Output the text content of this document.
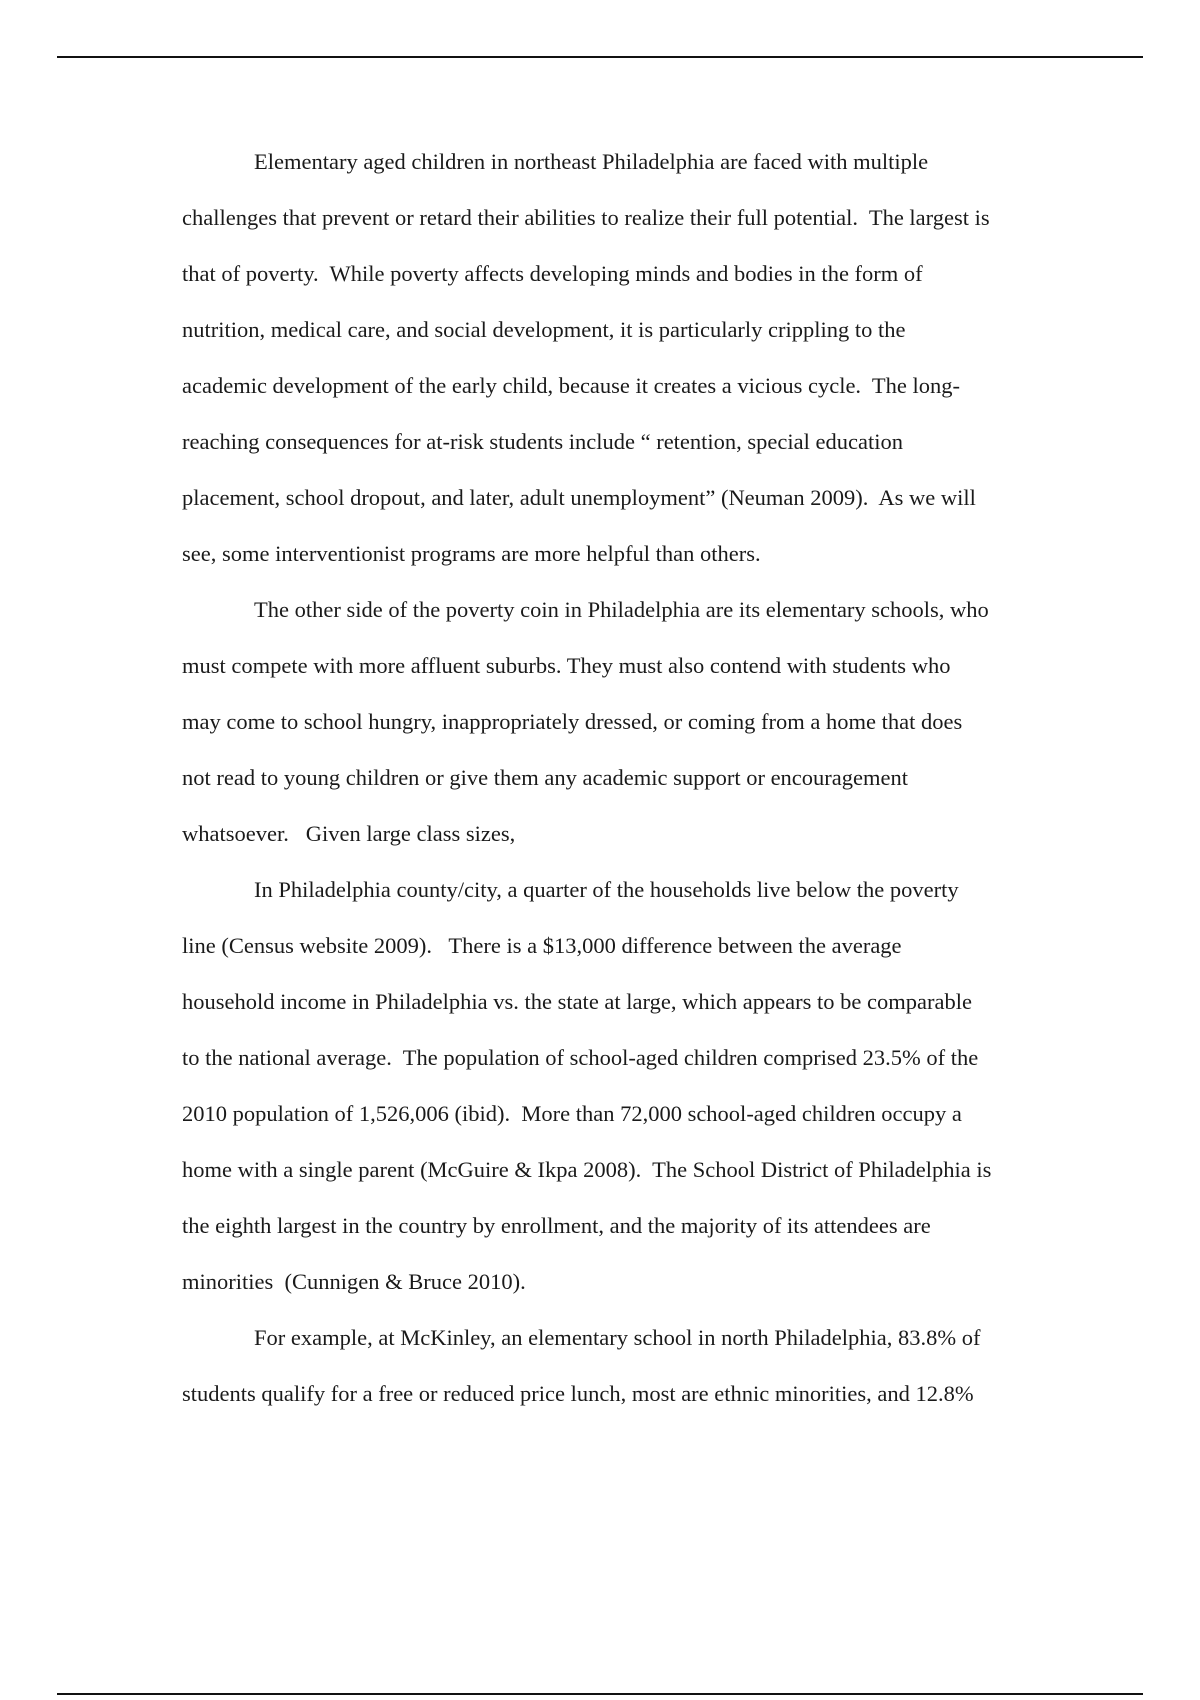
Elementary aged children in northeast Philadelphia are faced with multiple
challenges that prevent or retard their abilities to realize their full potential.  The largest is
that of poverty.  While poverty affects developing minds and bodies in the form of
nutrition, medical care, and social development, it is particularly crippling to the
academic development of the early child, because it creates a vicious cycle.  The long-
reaching consequences for at-risk students include “ retention, special education
placement, school dropout, and later, adult unemployment” (Neuman 2009).  As we will
see, some interventionist programs are more helpful than others.

The other side of the poverty coin in Philadelphia are its elementary schools, who
must compete with more affluent suburbs. They must also contend with students who
may come to school hungry, inappropriately dressed, or coming from a home that does
not read to young children or give them any academic support or encouragement
whatsoever.   Given large class sizes,

In Philadelphia county/city, a quarter of the households live below the poverty
line (Census website 2009).   There is a $13,000 difference between the average
household income in Philadelphia vs. the state at large, which appears to be comparable
to the national average.  The population of school-aged children comprised 23.5% of the
2010 population of 1,526,006 (ibid).  More than 72,000 school-aged children occupy a
home with a single parent (McGuire & Ikpa 2008).  The School District of Philadelphia is
the eighth largest in the country by enrollment, and the majority of its attendees are
minorities  (Cunnigen & Bruce 2010).

For example, at McKinley, an elementary school in north Philadelphia, 83.8% of
students qualify for a free or reduced price lunch, most are ethnic minorities, and 12.8%
